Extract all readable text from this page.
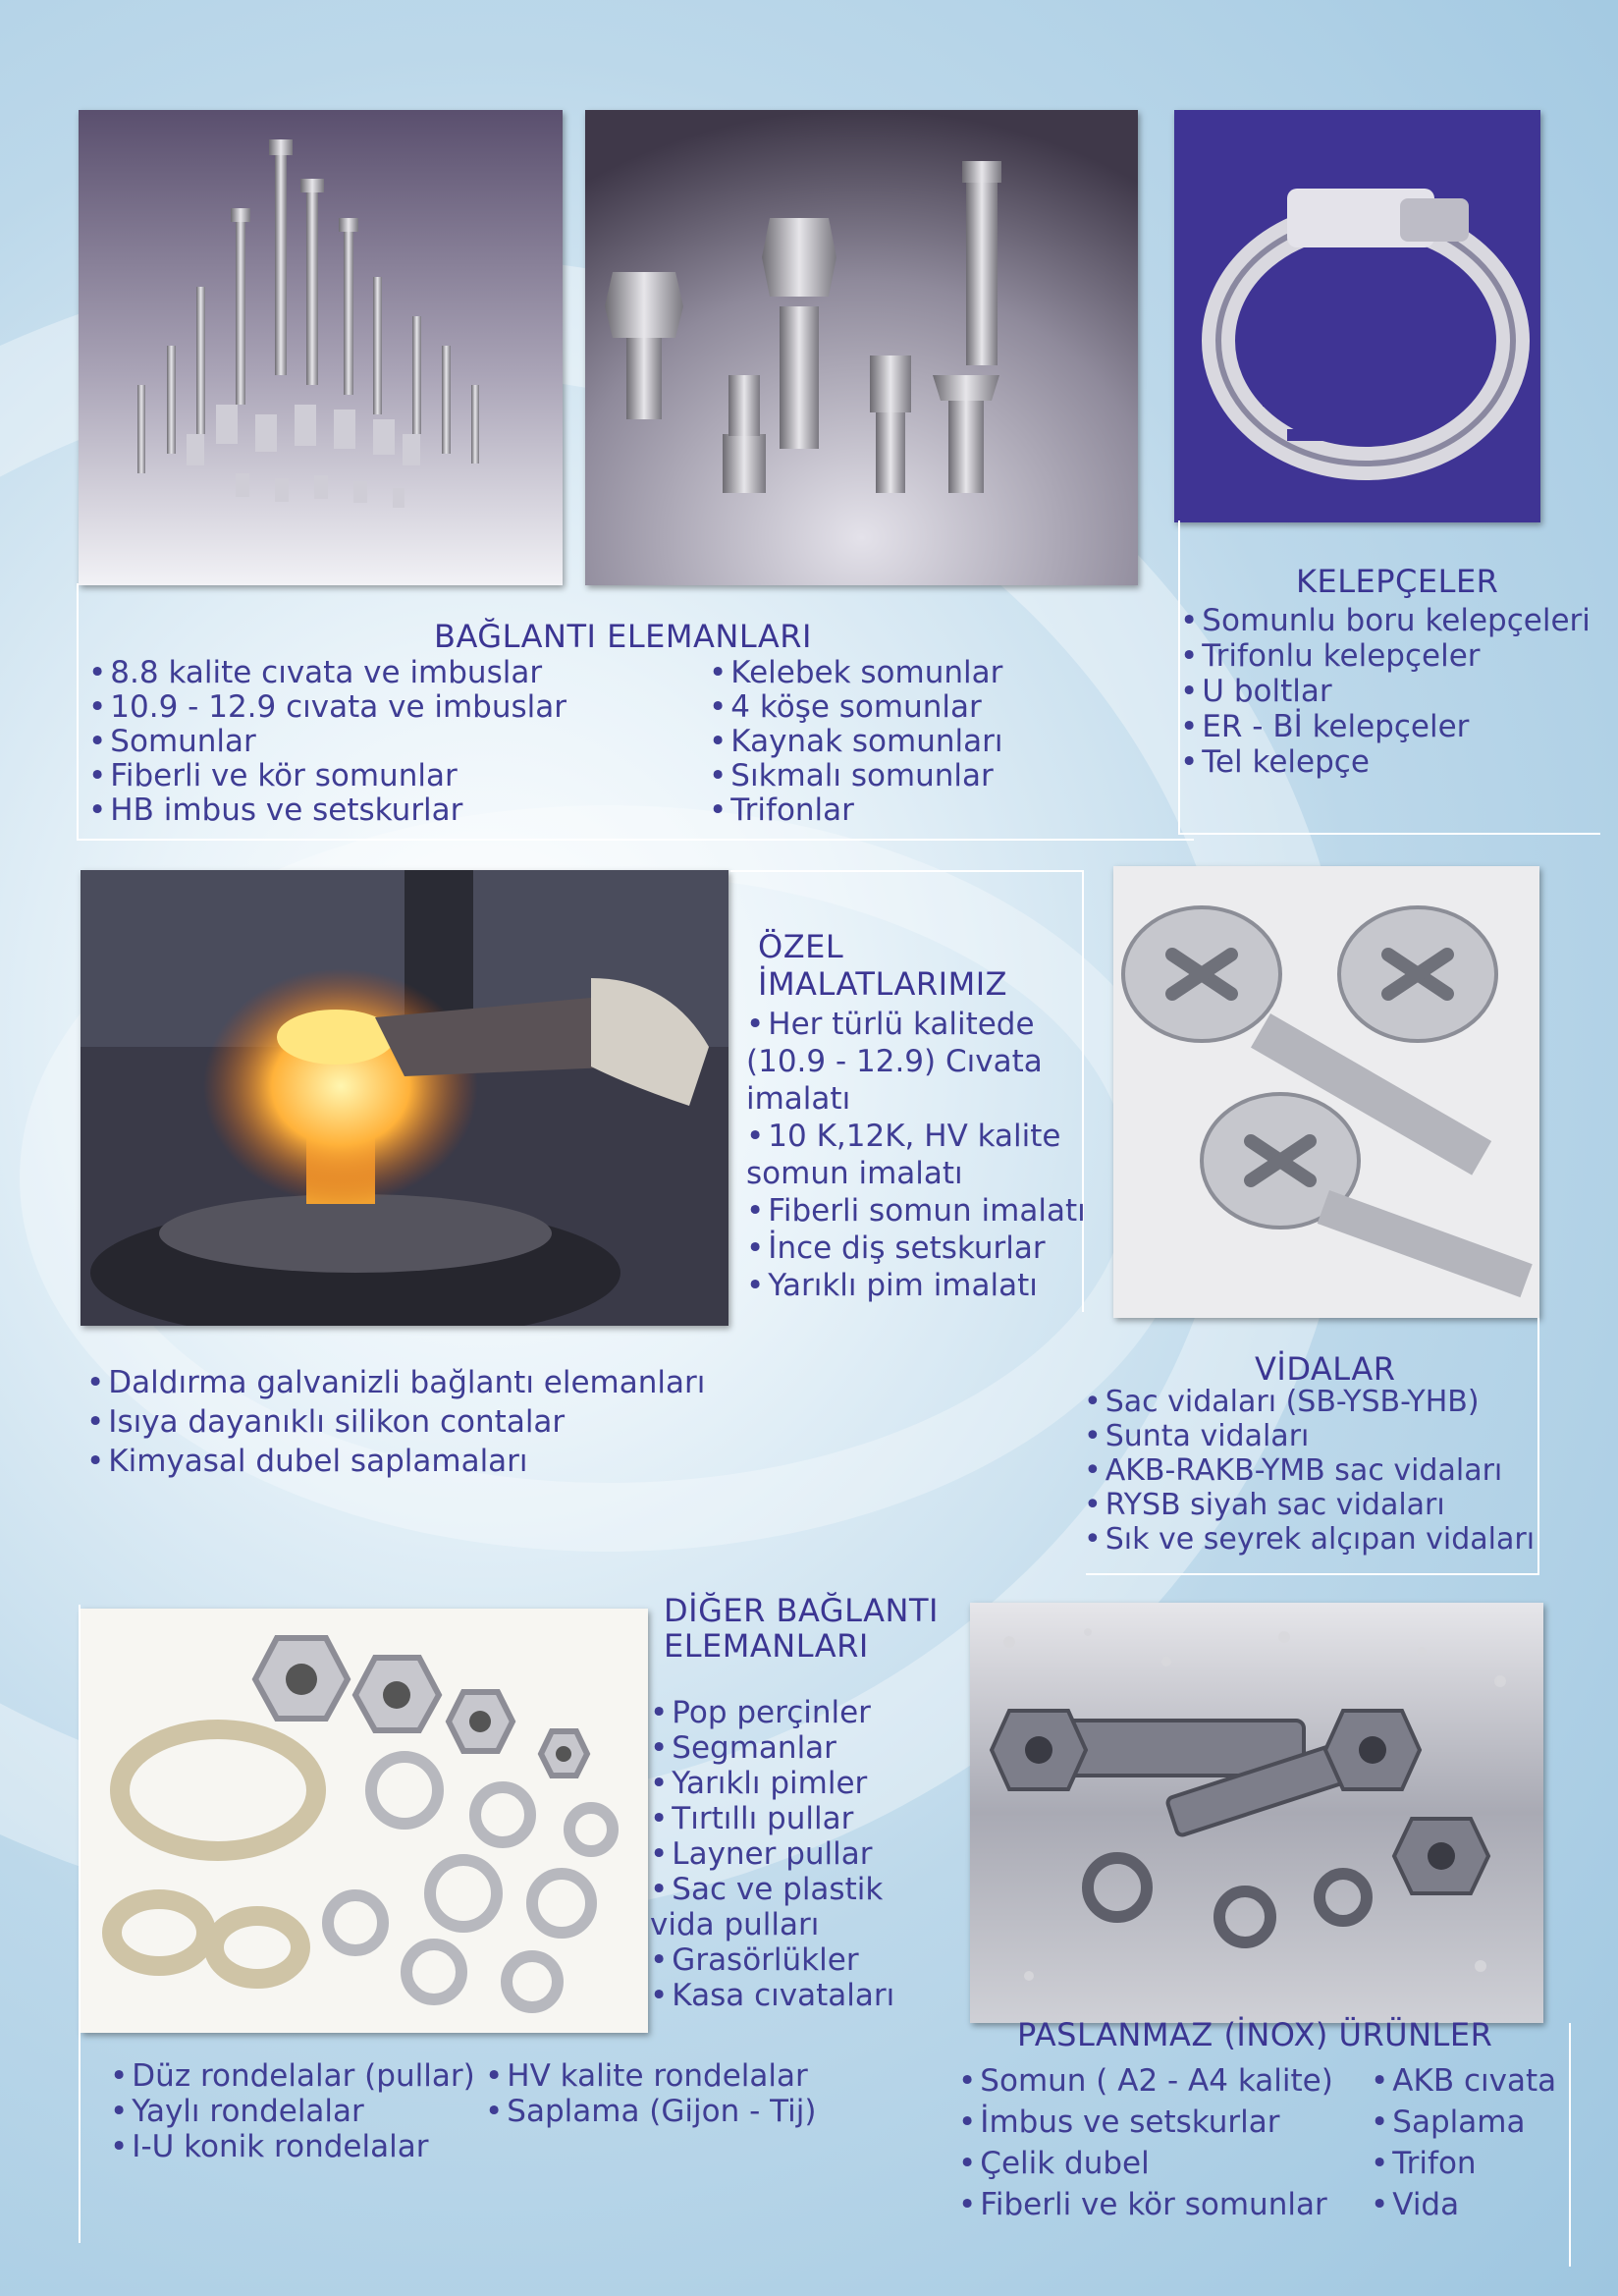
BAĞLANTI ELEMANLARI
• 8.8 kalite cıvata ve imbuslar
• 10.9 - 12.9 cıvata ve imbuslar
• Somunlar
• Fiberli ve kör somunlar
• HB imbus ve setskurlar
• Kelebek somunlar
• 4 köşe somunlar
• Kaynak somunları
• Sıkmalı somunlar
• Trifonlar
KELEPÇELER
• Somunlu boru kelepçeleri
• Trifonlu kelepçeler
• U boltlar
• ER - Bİ kelepçeler
• Tel kelepçe
ÖZEL
İMALATLARIMIZ
• Her türlü kalitede (10.9 - 12.9) Cıvata imalatı
• 10 K,12K, HV kalite somun imalatı
• Fiberli somun imalatı
• İnce diş setskurlar
• Yarıklı pim imalatı
• Daldırma galvanizli bağlantı elemanları
• Isıya dayanıklı silikon contalar
• Kimyasal dubel saplamaları
VİDALAR
• Sac vidaları (SB-YSB-YHB)
• Sunta vidaları
• AKB-RAKB-YMB sac vidaları
• RYSB siyah sac vidaları
• Sık ve seyrek alçıpan vidaları
DİĞER BAĞLANTI
ELEMANLARI
• Pop perçinler
• Segmanlar
• Yarıklı pimler
• Tırtıllı pullar
• Layner pullar
• Sac ve plastik vida pulları
• Grasörlükler
• Kasa cıvataları
• Düz rondelalar (pullar)
• Yaylı rondelalar
• I-U konik rondelalar
• HV kalite rondelalar
• Saplama (Gijon - Tij)
PASLANMAZ (İNOX) ÜRÜNLER
• Somun ( A2 - A4 kalite)
• İmbus ve setskurlar
• Çelik dubel
• Fiberli ve kör somunlar
• AKB cıvata
• Saplama
• Trifon
• Vida
